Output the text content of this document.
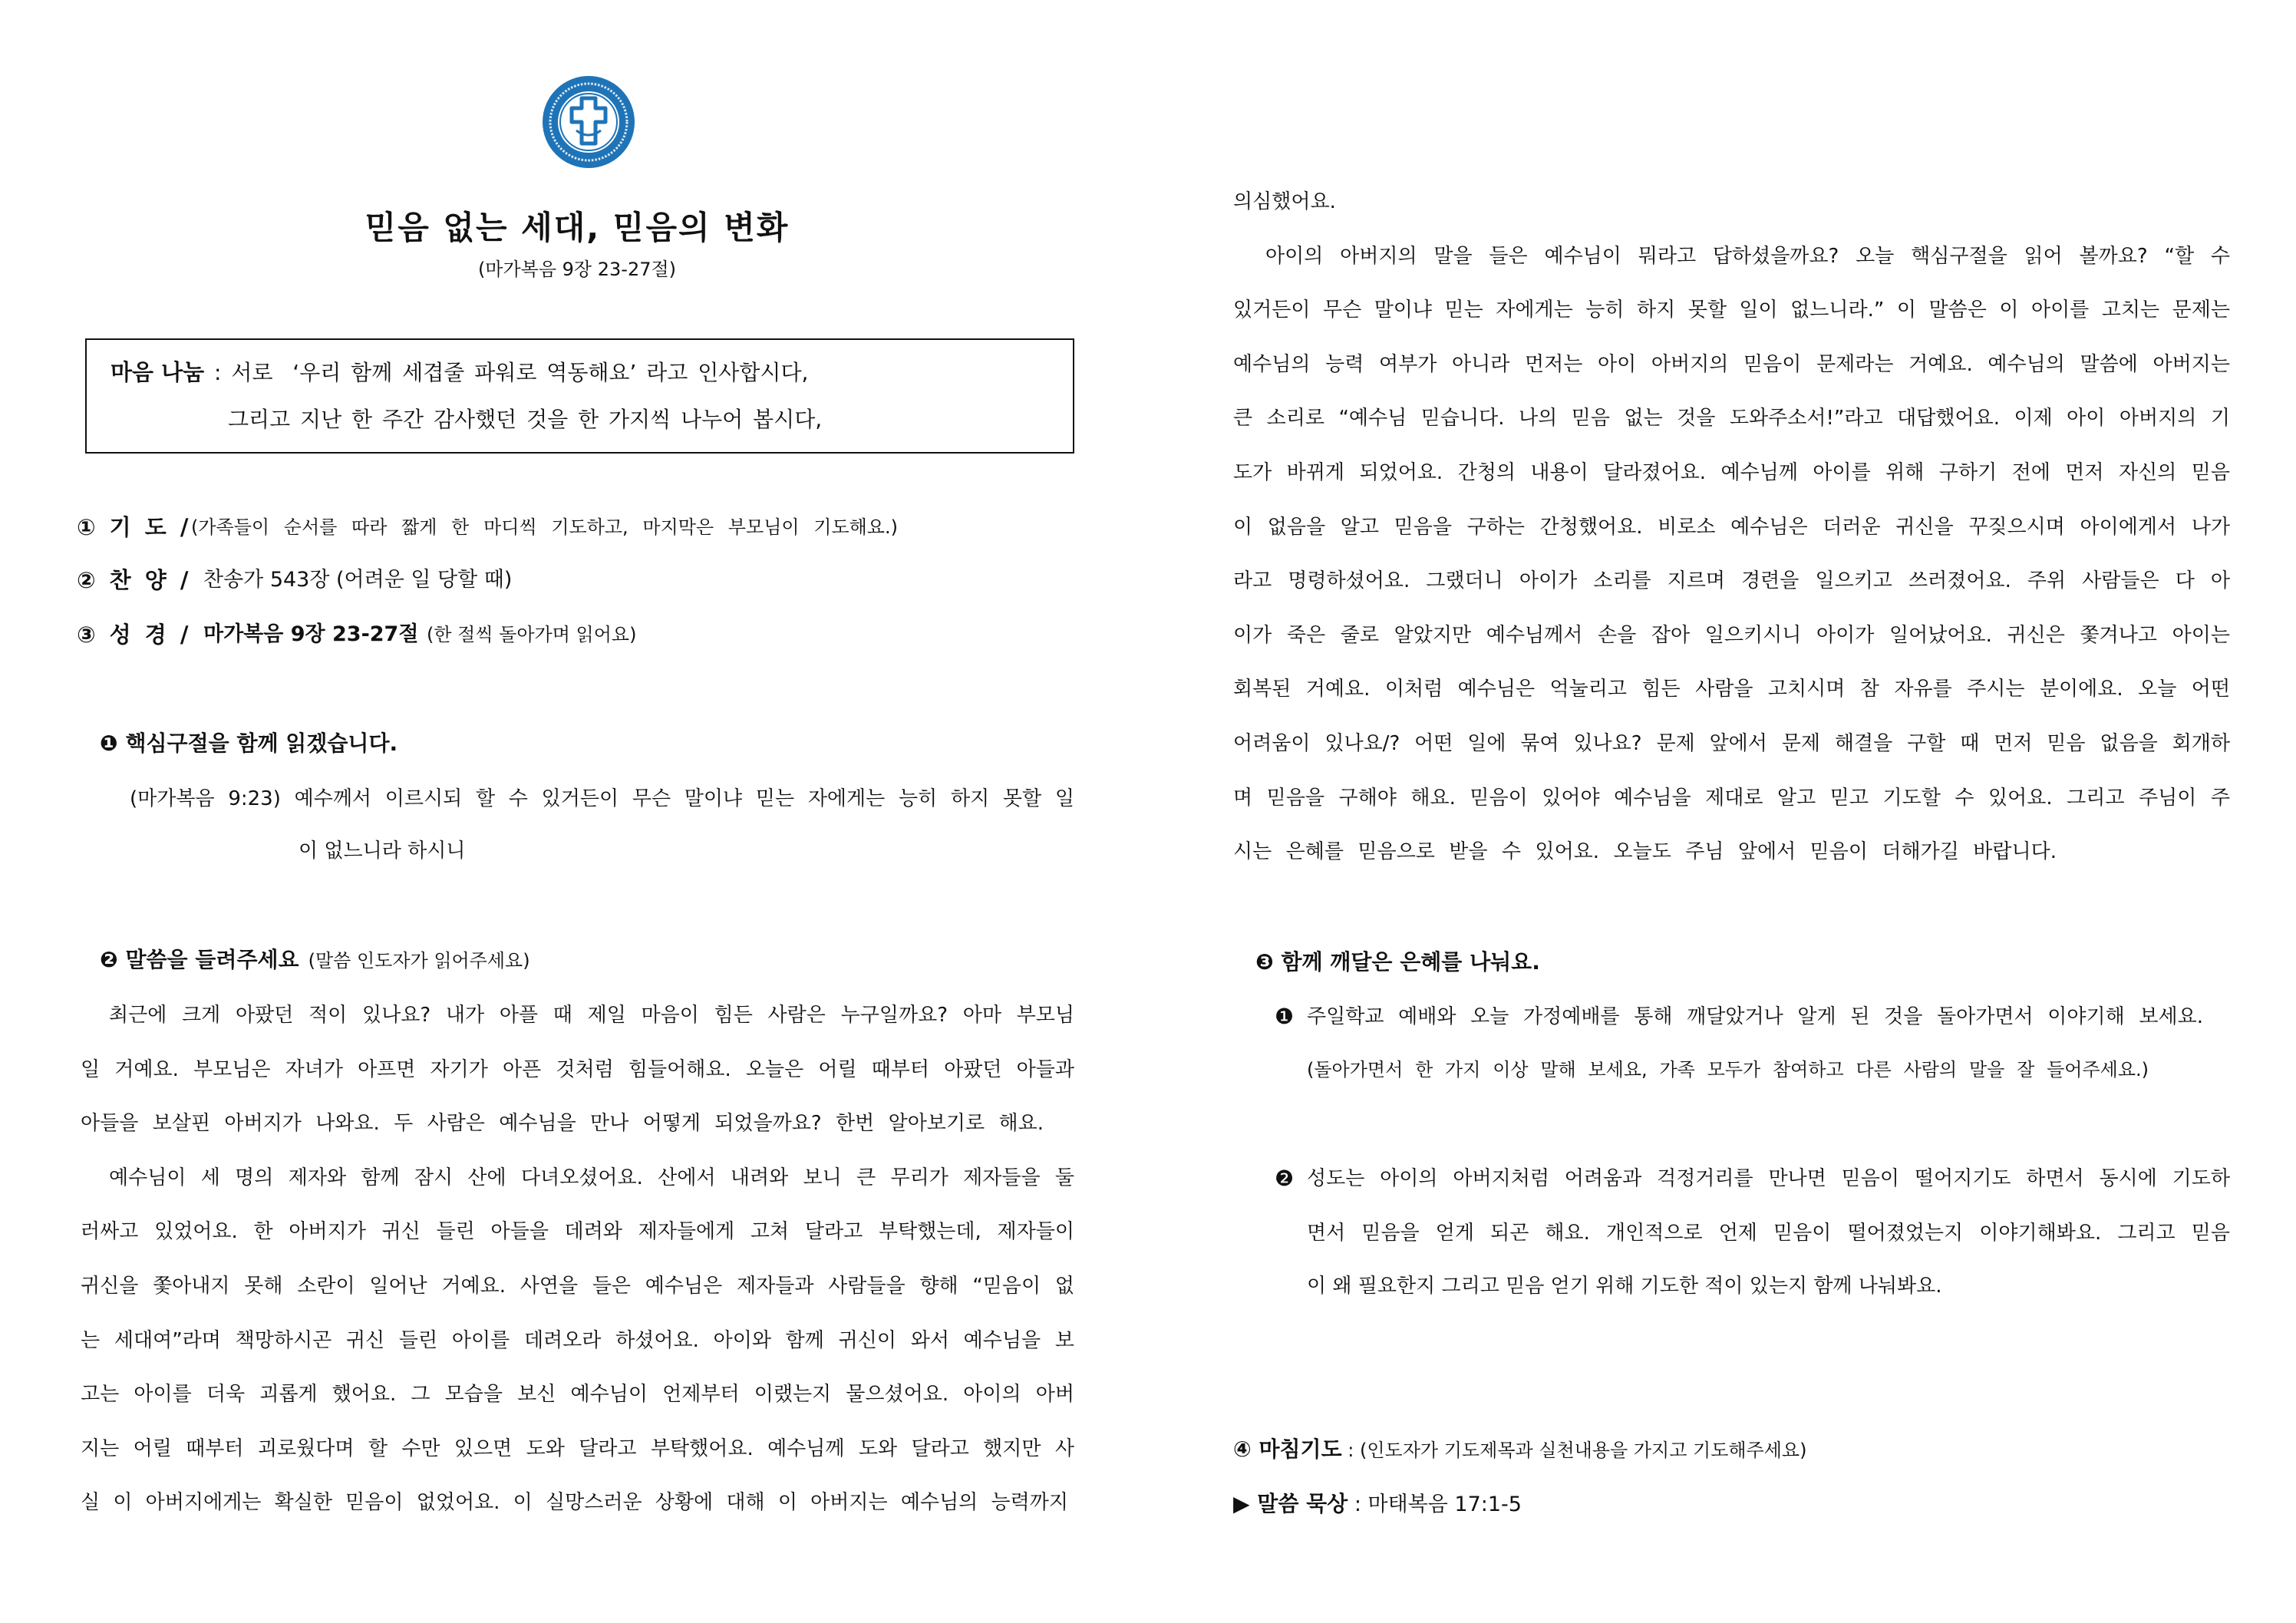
믿음 없는 세대, 믿음의 변화
(마가복음 9장 23-27절)
마음 나눔 : 서로  ‘우리 함께 세겹줄 파워로 역동해요’ 라고 인사합시다,
그리고 지난 한 주간 감사했던 것을 한 가지씩 나누어 봅시다,
① 기 도 / (가족들이 순서를 따라 짧게 한 마디씩 기도하고, 마지막은 부모님이 기도해요.)
② 찬 양 / 찬송가 543장 (어려운 일 당할 때)
③ 성 경 / 마가복음 9장 23-27절 (한 절씩 돌아가며 읽어요)
❶ 핵심구절을 함께 읽겠습니다.
(마가복음 9:23) 예수께서 이르시되 할 수 있거든이 무슨 말이냐 믿는 자에게는 능히 하지 못할 일
이 없느니라 하시니
❷ 말씀을 들려주세요 (말씀 인도자가 읽어주세요)
최근에 크게 아팠던 적이 있나요? 내가 아플 때 제일 마음이 힘든 사람은 누구일까요? 아마 부모님
일 거예요. 부모님은 자녀가 아프면 자기가 아픈 것처럼 힘들어해요. 오늘은 어릴 때부터 아팠던 아들과
아들을 보살핀 아버지가 나와요. 두 사람은 예수님을 만나 어떻게 되었을까요? 한번 알아보기로 해요.
예수님이 세 명의 제자와 함께 잠시 산에 다녀오셨어요. 산에서 내려와 보니 큰 무리가 제자들을 둘
러싸고 있었어요. 한 아버지가 귀신 들린 아들을 데려와 제자들에게 고쳐 달라고 부탁했는데, 제자들이
귀신을 쫓아내지 못해 소란이 일어난 거예요. 사연을 들은 예수님은 제자들과 사람들을 향해 “믿음이 없
는 세대여”라며 책망하시곤 귀신 들린 아이를 데려오라 하셨어요. 아이와 함께 귀신이 와서 예수님을 보
고는 아이를 더욱 괴롭게 했어요. 그 모습을 보신 예수님이 언제부터 이랬는지 물으셨어요. 아이의 아버
지는 어릴 때부터 괴로웠다며 할 수만 있으면 도와 달라고 부탁했어요. 예수님께 도와 달라고 했지만 사
실 이 아버지에게는 확실한 믿음이 없었어요. 이 실망스러운 상황에 대해 이 아버지는 예수님의 능력까지
의심했어요.
아이의 아버지의 말을 들은 예수님이 뭐라고 답하셨을까요? 오늘 핵심구절을 읽어 볼까요? “할 수
있거든이 무슨 말이냐 믿는 자에게는 능히 하지 못할 일이 없느니라.” 이 말씀은 이 아이를 고치는 문제는
예수님의 능력 여부가 아니라 먼저는 아이 아버지의 믿음이 문제라는 거예요. 예수님의 말씀에 아버지는
큰 소리로 “예수님 믿습니다. 나의 믿음 없는 것을 도와주소서!”라고 대답했어요. 이제 아이 아버지의 기
도가 바뀌게 되었어요. 간청의 내용이 달라졌어요. 예수님께 아이를 위해 구하기 전에 먼저 자신의 믿음
이 없음을 알고 믿음을 구하는 간청했어요. 비로소 예수님은 더러운 귀신을 꾸짖으시며 아이에게서 나가
라고 명령하셨어요. 그랬더니 아이가 소리를 지르며 경련을 일으키고 쓰러졌어요. 주위 사람들은 다 아
이가 죽은 줄로 알았지만 예수님께서 손을 잡아 일으키시니 아이가 일어났어요. 귀신은 쫓겨나고 아이는
회복된 거예요. 이처럼 예수님은 억눌리고 힘든 사람을 고치시며 참 자유를 주시는 분이에요. 오늘 어떤
어려움이 있나요/? 어떤 일에 묶여 있나요? 문제 앞에서 문제 해결을 구할 때 먼저 믿음 없음을 회개하
며 믿음을 구해야 해요. 믿음이 있어야 예수님을 제대로 알고 믿고 기도할 수 있어요. 그리고 주님이 주
시는 은혜를 믿음으로 받을 수 있어요. 오늘도 주님 앞에서 믿음이 더해가길 바랍니다.
❸ 함께 깨달은 은혜를 나눠요.
❶ 주일학교 예배와 오늘 가정예배를 통해 깨달았거나 알게 된 것을 돌아가면서 이야기해 보세요.
(돌아가면서 한 가지 이상 말해 보세요, 가족 모두가 참여하고 다른 사람의 말을 잘 들어주세요.)
❷ 성도는 아이의 아버지처럼 어려움과 걱정거리를 만나면 믿음이 떨어지기도 하면서 동시에 기도하
면서 믿음을 얻게 되곤 해요. 개인적으로 언제 믿음이 떨어졌었는지 이야기해봐요. 그리고 믿음
이 왜 필요한지 그리고 믿음 얻기 위해 기도한 적이 있는지 함께 나눠봐요.
④ 마침기도 : (인도자가 기도제목과 실천내용을 가지고 기도해주세요)
▶ 말씀 묵상 : 마태복음 17:1-5
